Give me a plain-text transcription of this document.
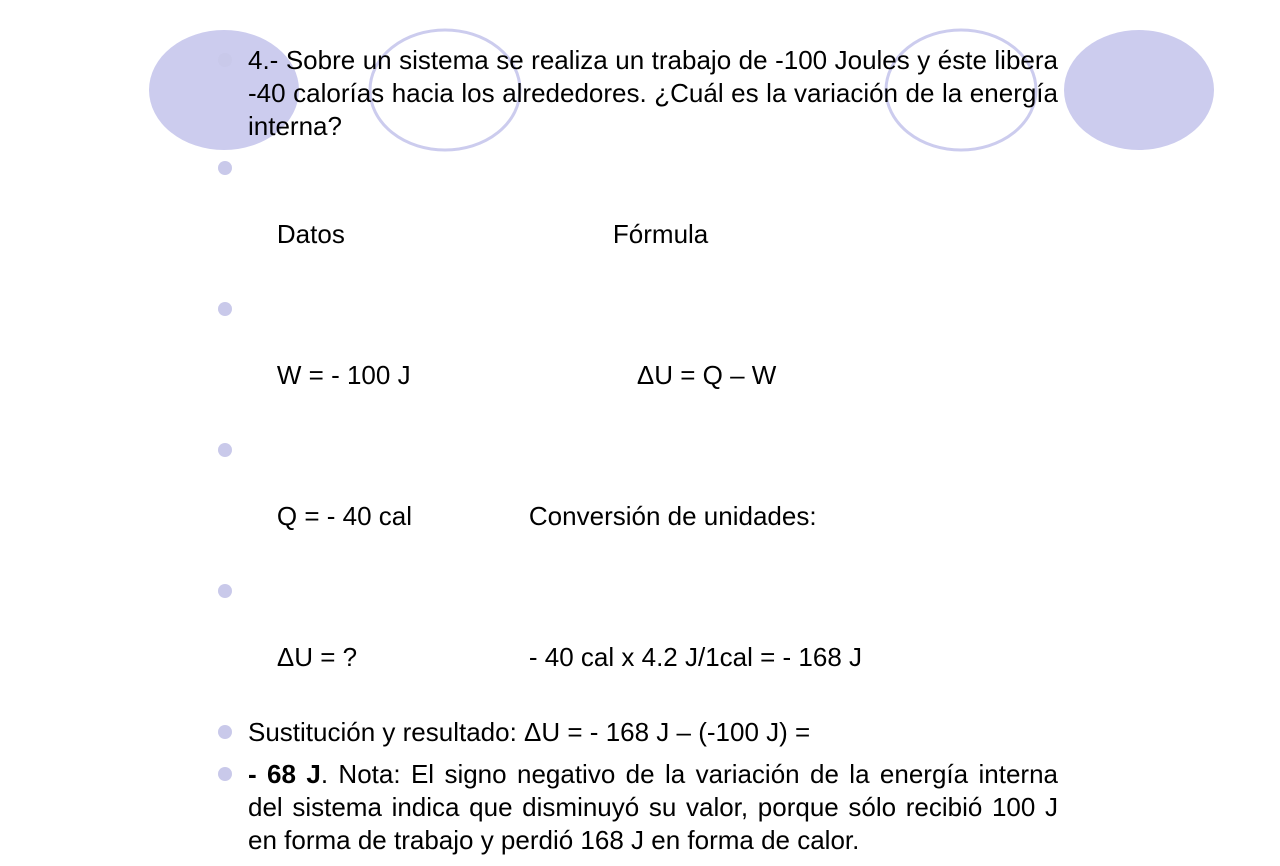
4.- Sobre un sistema se realiza un trabajo de -100 Joules y éste libera -40 calorías hacia los alrededores. ¿Cuál es la variación de la energía interna?

Datos	Fórmula

W = - 100 J	ΔU = Q – W

Q = - 40 cal	Conversión de unidades:

ΔU = ?	- 40 cal x 4.2 J/1cal = - 168 J

Sustitución y resultado: ΔU = - 168 J – (-100 J) =
- 68 J. Nota: El signo negativo de la variación de la energía interna del sistema indica que disminuyó su valor, porque sólo recibió 100 J en forma de trabajo y perdió 168 J en forma de calor.
